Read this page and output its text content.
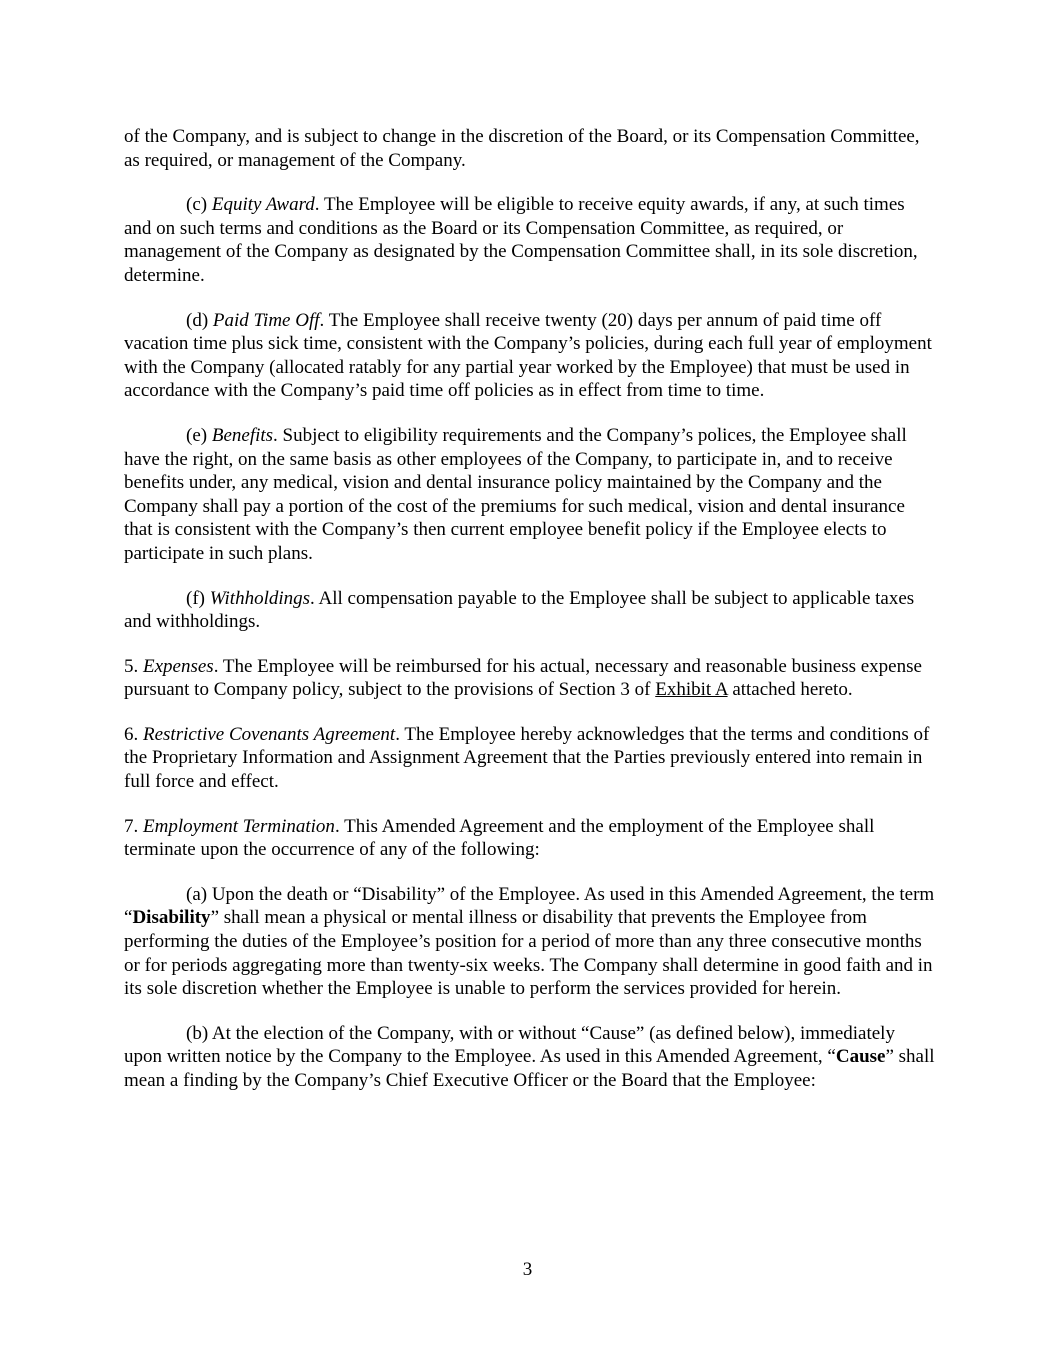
of the Company, and is subject to change in the discretion of the Board, or its Compensation Committee, as required, or management of the Company.

(c) Equity Award. The Employee will be eligible to receive equity awards, if any, at such times and on such terms and conditions as the Board or its Compensation Committee, as required, or management of the Company as designated by the Compensation Committee shall, in its sole discretion, determine.

(d) Paid Time Off. The Employee shall receive twenty (20) days per annum of paid time off vacation time plus sick time, consistent with the Company’s policies, during each full year of employment with the Company (allocated ratably for any partial year worked by the Employee) that must be used in accordance with the Company’s paid time off policies as in effect from time to time.

(e) Benefits. Subject to eligibility requirements and the Company’s polices, the Employee shall have the right, on the same basis as other employees of the Company, to participate in, and to receive benefits under, any medical, vision and dental insurance policy maintained by the Company and the Company shall pay a portion of the cost of the premiums for such medical, vision and dental insurance that is consistent with the Company’s then current employee benefit policy if the Employee elects to participate in such plans.

(f) Withholdings. All compensation payable to the Employee shall be subject to applicable taxes and withholdings.

5. Expenses. The Employee will be reimbursed for his actual, necessary and reasonable business expense pursuant to Company policy, subject to the provisions of Section 3 of Exhibit A attached hereto.

6. Restrictive Covenants Agreement. The Employee hereby acknowledges that the terms and conditions of the Proprietary Information and Assignment Agreement that the Parties previously entered into remain in full force and effect.

7. Employment Termination. This Amended Agreement and the employment of the Employee shall terminate upon the occurrence of any of the following:

(a) Upon the death or “Disability” of the Employee. As used in this Amended Agreement, the term “Disability” shall mean a physical or mental illness or disability that prevents the Employee from performing the duties of the Employee’s position for a period of more than any three consecutive months or for periods aggregating more than twenty-six weeks. The Company shall determine in good faith and in its sole discretion whether the Employee is unable to perform the services provided for herein.

(b) At the election of the Company, with or without “Cause” (as defined below), immediately upon written notice by the Company to the Employee. As used in this Amended Agreement, “Cause” shall mean a finding by the Company’s Chief Executive Officer or the Board that the Employee:

3
